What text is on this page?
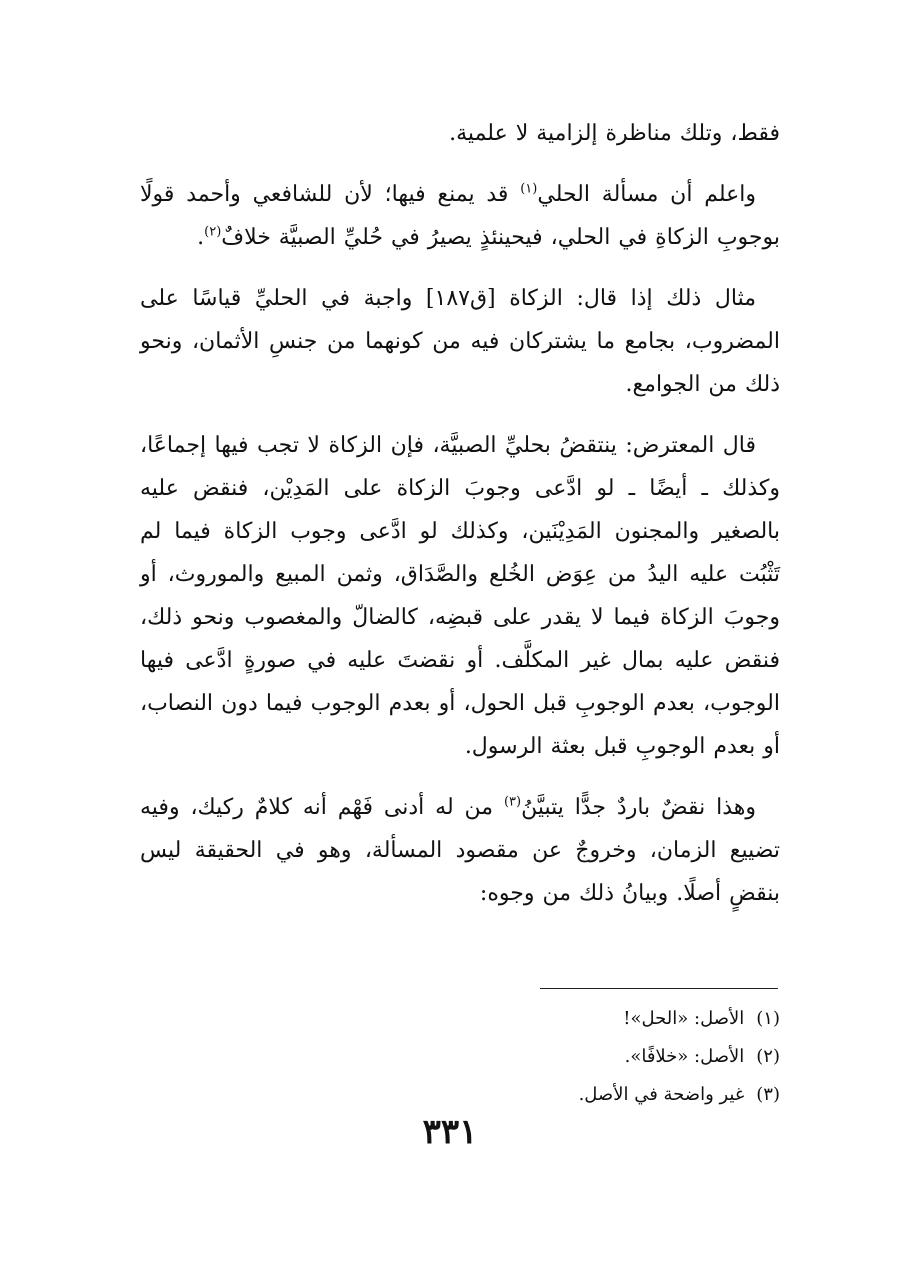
فقط، وتلك مناظرة إلزامية لا علمية.

واعلم أن مسألة الحلي$^{(١)}$ قد يمنع فيها؛ لأن للشافعي وأحمد قولًا بوجوبِ الزكاةِ في الحلي، فيحينئذٍ يصيرُ في حُليِّ الصبيَّة خلافٌ$^{(٢)}$.

مثال ذلك إذا قال: الزكاة [ق١٨٧] واجبة في الحليِّ قياسًا على المضروب، بجامع ما يشتركان فيه من كونهما من جنسِ الأثمان، ونحو ذلك من الجوامع.

قال المعترض: ينتقضُ بحليِّ الصبيَّة، فإن الزكاة لا تجب فيها إجماعًا، وكذلك ـ أيضًا ـ لو ادَّعى وجوبَ الزكاة على المَدِيْن، فنقض عليه بالصغير والمجنون المَدِيْنَين، وكذلك لو ادَّعى وجوب الزكاة فيما لم تَثْبُت عليه اليدُ من عِوَض الخُلع والصَّدَاق، وثمن المبيع والموروث، أو وجوبَ الزكاة فيما لا يقدر على قبضِه، كالضالّ والمغصوب ونحو ذلك، فنقض عليه بمال غير المكلَّف. أو نقضتَ عليه في صورةٍ ادَّعى فيها الوجوب، بعدم الوجوبِ قبل الحول، أو بعدم الوجوب فيما دون النصاب، أو بعدم الوجوبِ قبل بعثة الرسول.

وهذا نقضٌ باردٌ جدًّا يتبيَّنُ$^{(٣)}$ من له أدنى فَهْم أنه كلامٌ ركيك، وفيه تضييع الزمان، وخروجٌ عن مقصود المسألة، وهو في الحقيقة ليس بنقضٍ أصلًا. وبيانُ ذلك من وجوه:

(١) الأصل: «الحل»!
(٢) الأصل: «خلافًا».
(٣) غير واضحة في الأصل.
٣٣١
